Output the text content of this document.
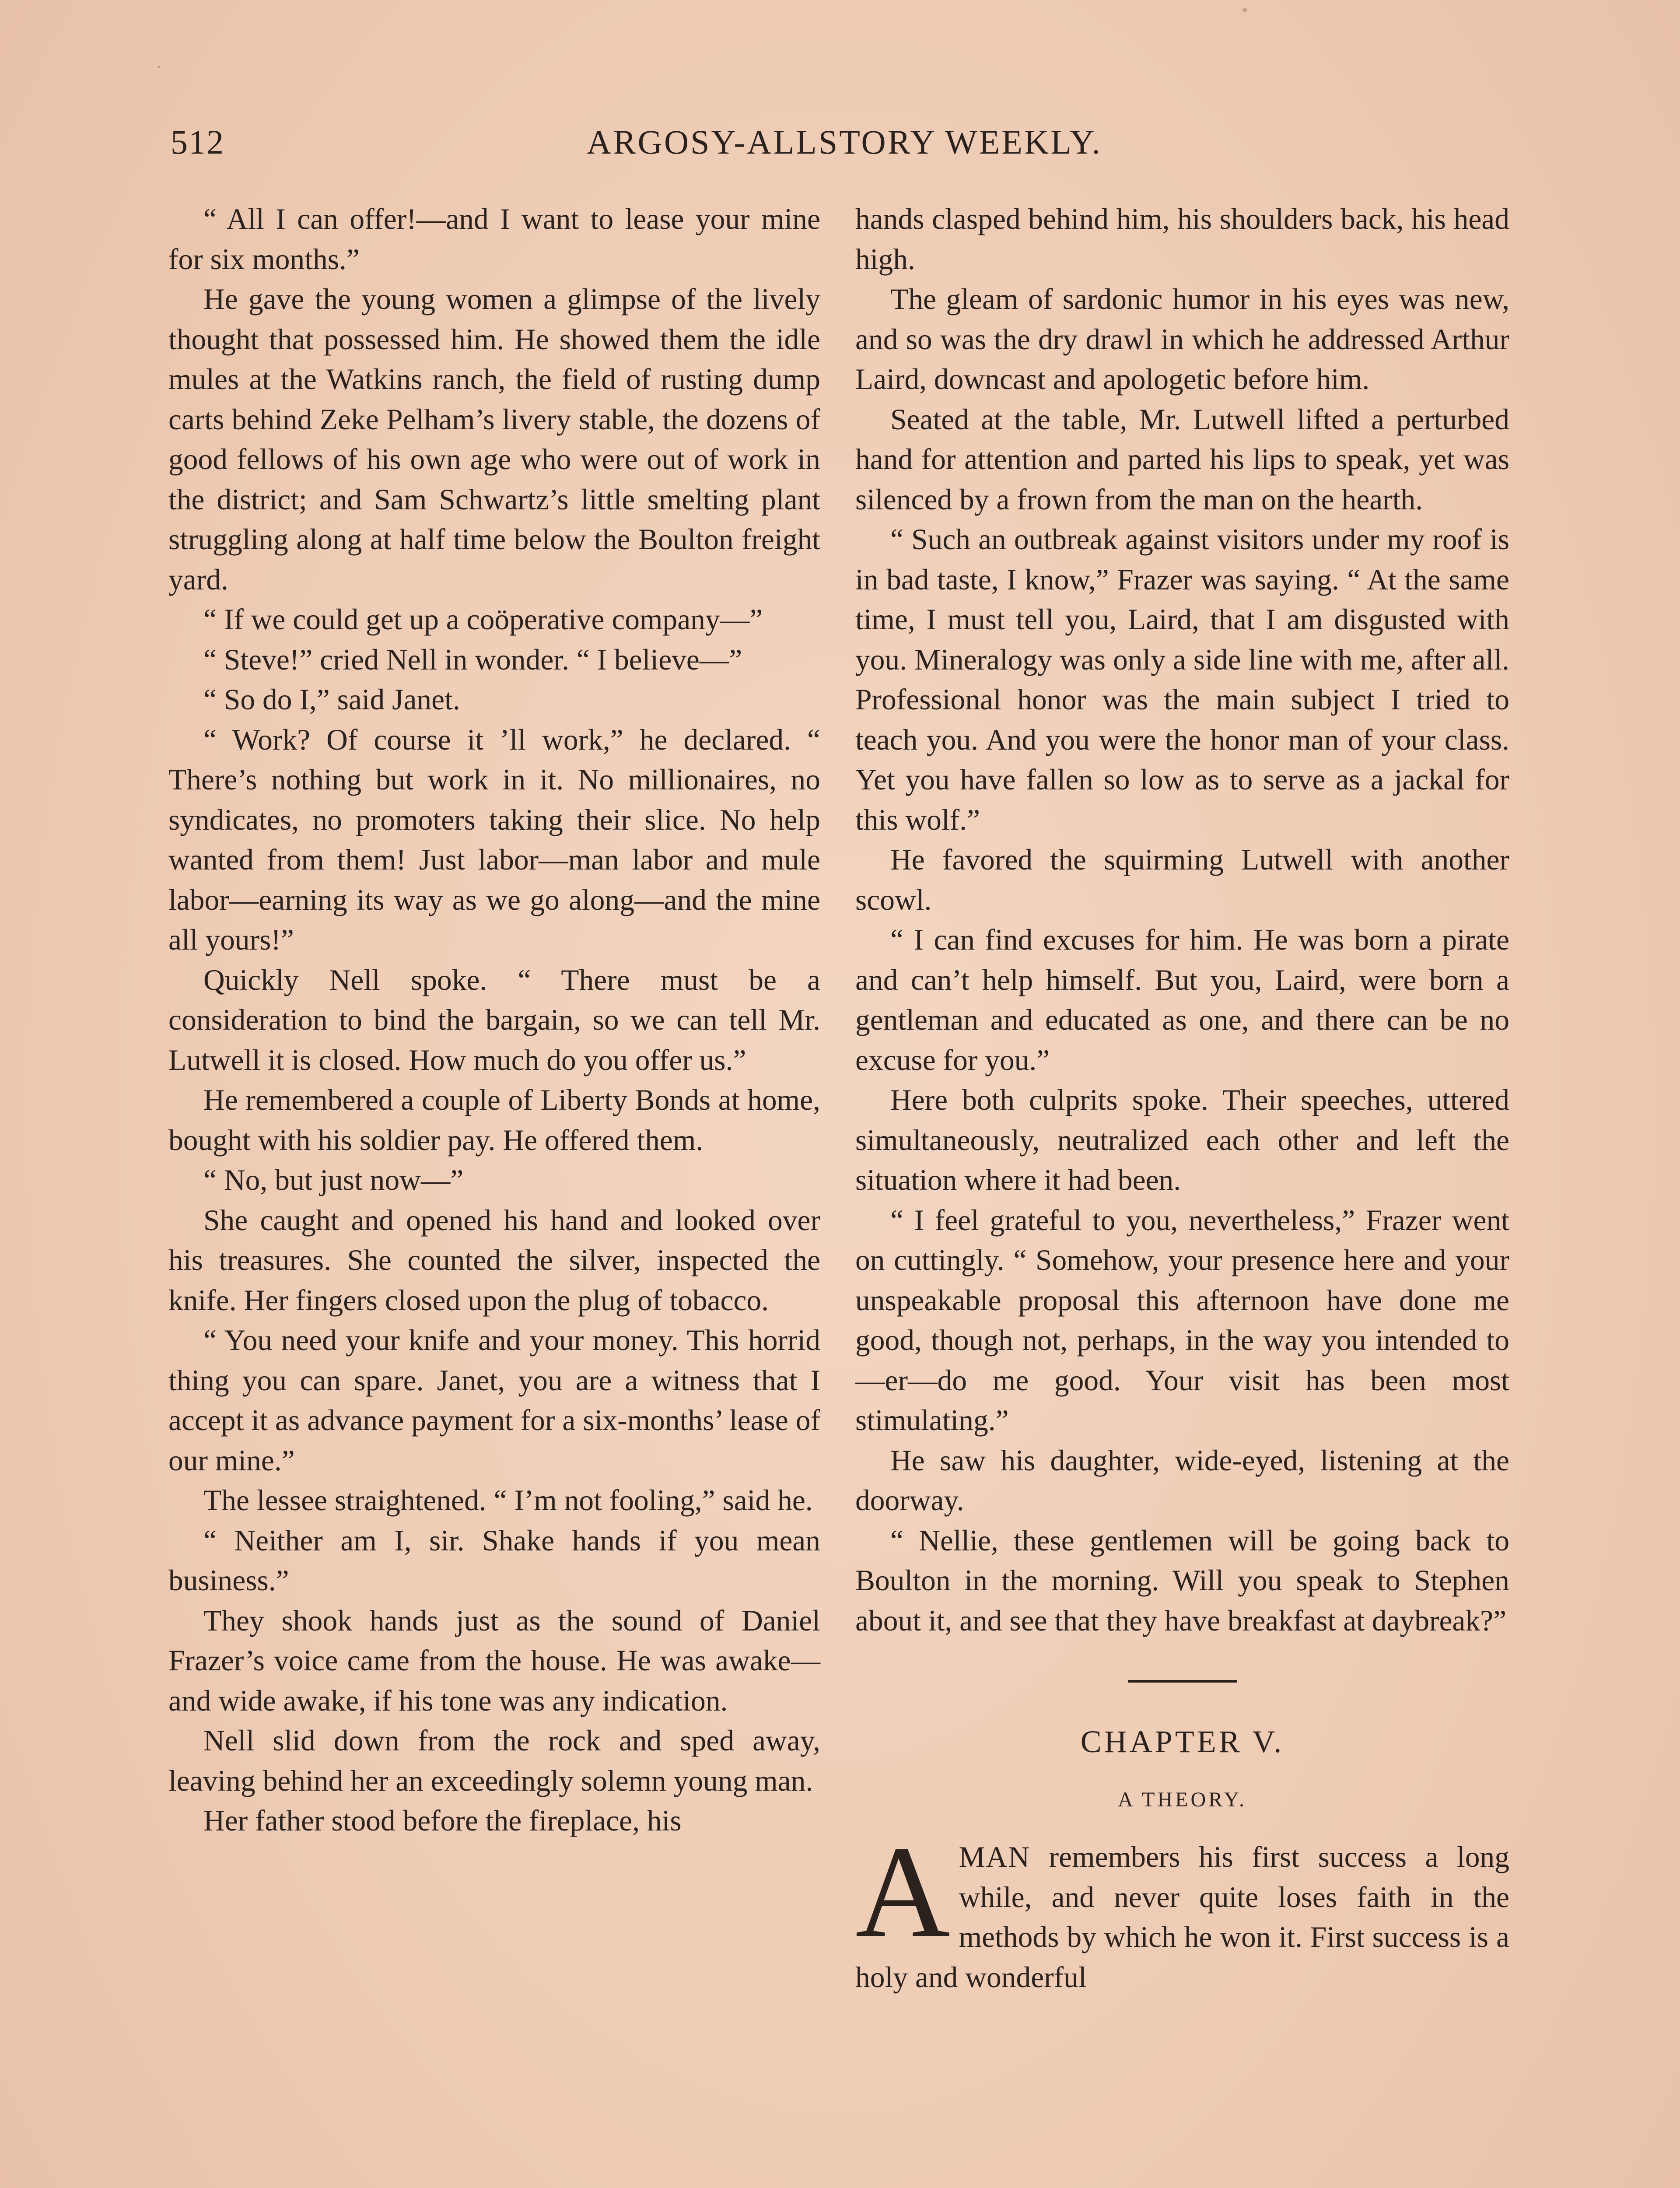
512	ARGOSY-ALLSTORY WEEKLY.

“ All I can offer!—and I want to lease your mine for six months.”

He gave the young women a glimpse of the lively thought that possessed him. He showed them the idle mules at the Watkins ranch, the field of rusting dump carts behind Zeke Pelham’s livery stable, the dozens of good fellows of his own age who were out of work in the district; and Sam Schwartz’s little smelting plant struggling along at half time below the Boulton freight yard.

“ If we could get up a coöperative company—”

“ Steve!” cried Nell in wonder. “ I believe—”

“ So do I,” said Janet.

“ Work? Of course it ’ll work,” he declared. “ There’s nothing but work in it. No millionaires, no syndicates, no promoters taking their slice. No help wanted from them! Just labor—man labor and mule labor—earning its way as we go along—and the mine all yours!”

Quickly Nell spoke. “ There must be a consideration to bind the bargain, so we can tell Mr. Lutwell it is closed. How much do you offer us.”

He remembered a couple of Liberty Bonds at home, bought with his soldier pay. He offered them.

“ No, but just now—”

She caught and opened his hand and looked over his treasures. She counted the silver, inspected the knife. Her fingers closed upon the plug of tobacco.

“ You need your knife and your money. This horrid thing you can spare. Janet, you are a witness that I accept it as advance payment for a six-months’ lease of our mine.”

The lessee straightened. “ I’m not fooling,” said he.

“ Neither am I, sir. Shake hands if you mean business.”

They shook hands just as the sound of Daniel Frazer’s voice came from the house. He was awake—and wide awake, if his tone was any indication.

Nell slid down from the rock and sped away, leaving behind her an exceedingly solemn young man.

Her father stood before the fireplace, his

hands clasped behind him, his shoulders back, his head high.

The gleam of sardonic humor in his eyes was new, and so was the dry drawl in which he addressed Arthur Laird, downcast and apologetic before him.

Seated at the table, Mr. Lutwell lifted a perturbed hand for attention and parted his lips to speak, yet was silenced by a frown from the man on the hearth.

“ Such an outbreak against visitors under my roof is in bad taste, I know,” Frazer was saying. “ At the same time, I must tell you, Laird, that I am disgusted with you. Mineralogy was only a side line with me, after all. Professional honor was the main subject I tried to teach you. And you were the honor man of your class. Yet you have fallen so low as to serve as a jackal for this wolf.”

He favored the squirming Lutwell with another scowl.

“ I can find excuses for him. He was born a pirate and can’t help himself. But you, Laird, were born a gentleman and educated as one, and there can be no excuse for you.”

Here both culprits spoke. Their speeches, uttered simultaneously, neutralized each other and left the situation where it had been.

“ I feel grateful to you, nevertheless,” Frazer went on cuttingly. “ Somehow, your presence here and your unspeakable proposal this afternoon have done me good, though not, perhaps, in the way you intended to—er—do me good. Your visit has been most stimulating.”

He saw his daughter, wide-eyed, listening at the doorway.

“ Nellie, these gentlemen will be going back to Boulton in the morning. Will you speak to Stephen about it, and see that they have breakfast at daybreak?”

CHAPTER V.
A THEORY.

AMAN remembers his first success a long while, and never quite loses faith in the methods by which he won it. First success is a holy and wonderful
